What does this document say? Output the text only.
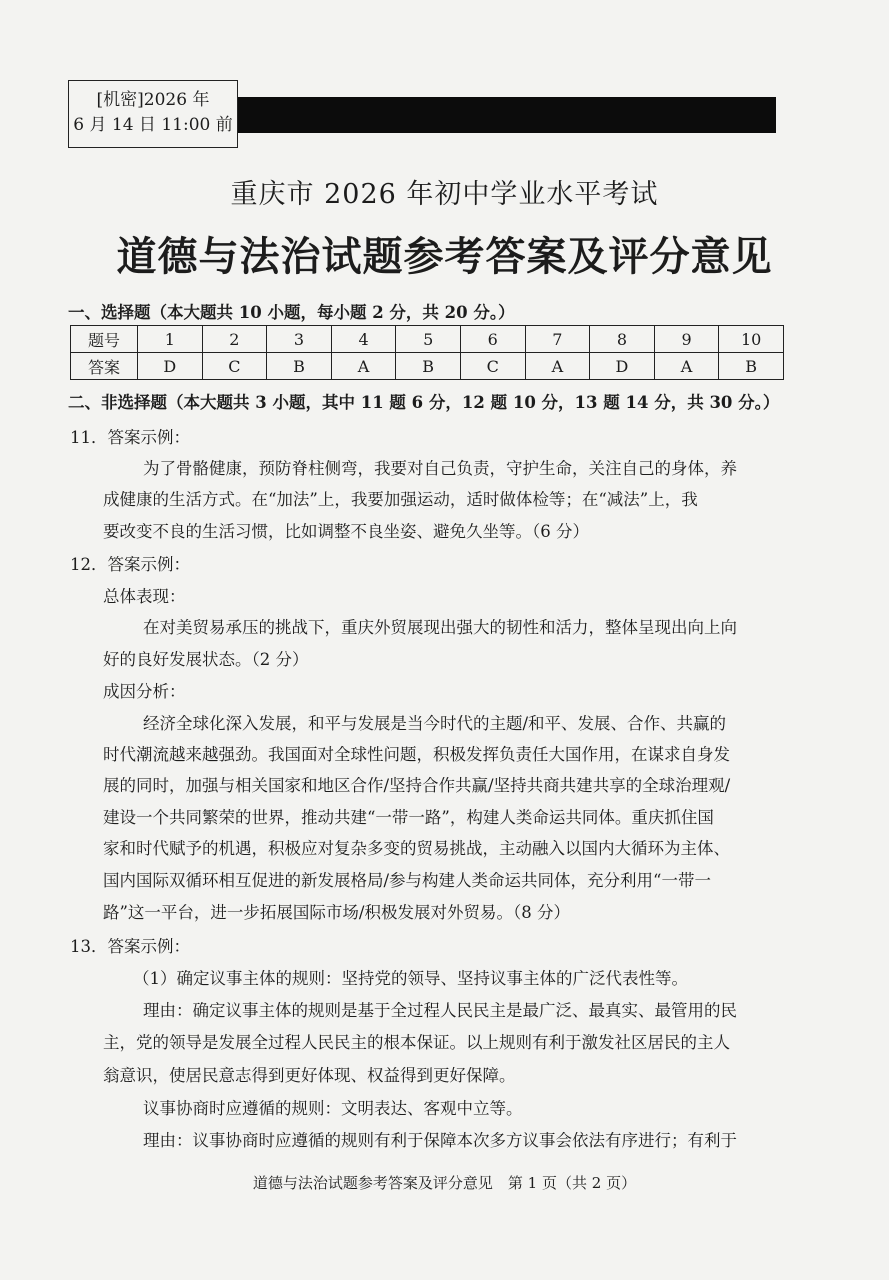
[机密]2026 年
6 月 14 日 11:00 前
重庆市 2026 年初中学业水平考试
道德与法治试题参考答案及评分意见
一、选择题（本大题共 10 小题，每小题 2 分，共 20 分。）
题号	1	2	3	4	5	6	7	8	9	10
答案	D	C	B	A	B	C	A	D	A	B
二、非选择题（本大题共 3 小题，其中 11 题 6 分，12 题 10 分，13 题 14 分，共 30 分。）
11．答案示例：
为了骨骼健康，预防脊柱侧弯，我要对自己负责，守护生命，关注自己的身体，养
成健康的生活方式。在“加法”上，我要加强运动，适时做体检等；在“减法”上，我
要改变不良的生活习惯，比如调整不良坐姿、避免久坐等。（6 分）
12．答案示例：
总体表现：
在对美贸易承压的挑战下，重庆外贸展现出强大的韧性和活力，整体呈现出向上向
好的良好发展状态。（2 分）
成因分析：
经济全球化深入发展，和平与发展是当今时代的主题/和平、发展、合作、共赢的
时代潮流越来越强劲。我国面对全球性问题，积极发挥负责任大国作用，在谋求自身发
展的同时，加强与相关国家和地区合作/坚持合作共赢/坚持共商共建共享的全球治理观/
建设一个共同繁荣的世界，推动共建“一带一路”，构建人类命运共同体。重庆抓住国
家和时代赋予的机遇，积极应对复杂多变的贸易挑战，主动融入以国内大循环为主体、
国内国际双循环相互促进的新发展格局/参与构建人类命运共同体，充分利用“一带一
路”这一平台，进一步拓展国际市场/积极发展对外贸易。（8 分）
13．答案示例：
（1）确定议事主体的规则：坚持党的领导、坚持议事主体的广泛代表性等。
理由：确定议事主体的规则是基于全过程人民民主是最广泛、最真实、最管用的民
主，党的领导是发展全过程人民民主的根本保证。以上规则有利于激发社区居民的主人
翁意识，使居民意志得到更好体现、权益得到更好保障。
议事协商时应遵循的规则：文明表达、客观中立等。
理由：议事协商时应遵循的规则有利于保障本次多方议事会依法有序进行；有利于
道德与法治试题参考答案及评分意见　第 1 页（共 2 页）
